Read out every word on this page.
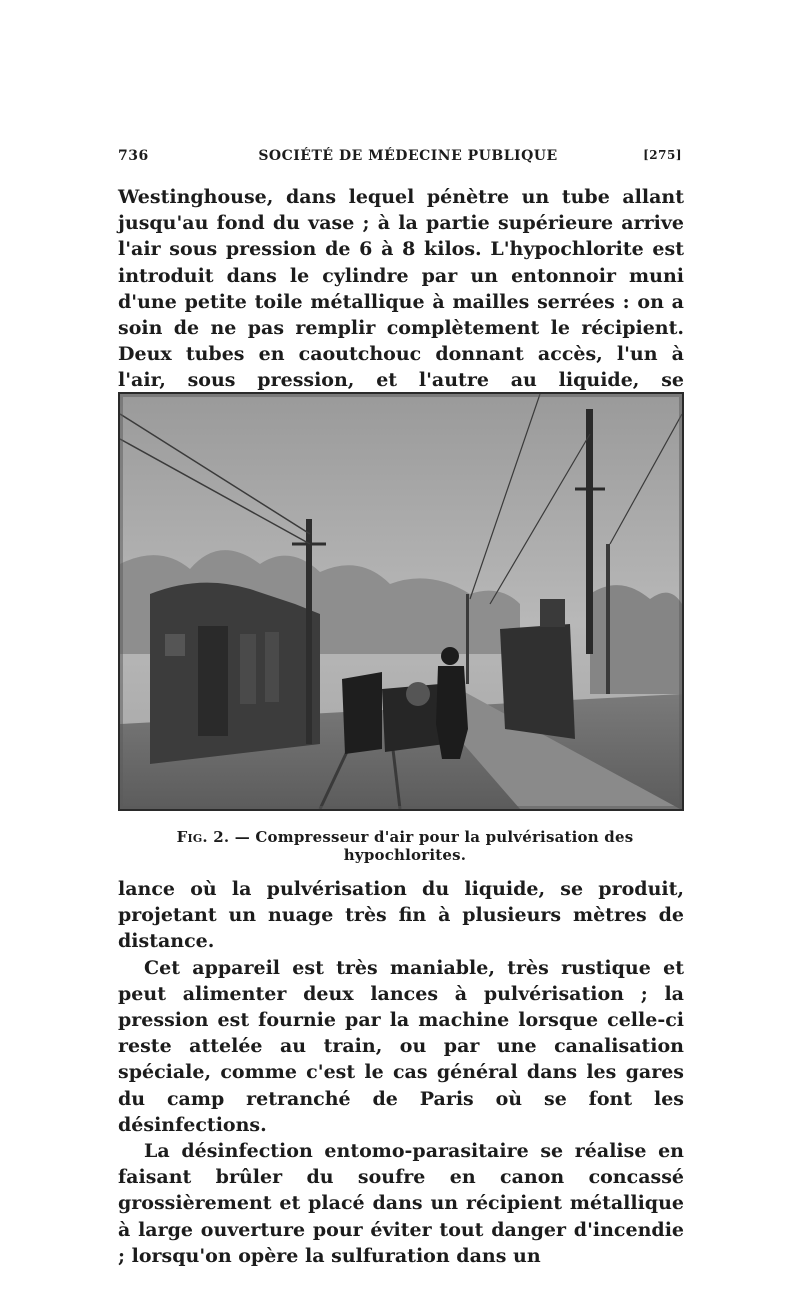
736	SOCIÉTÉ DE MÉDECINE PUBLIQUE	[275]

Westinghouse, dans lequel pénètre un tube allant jusqu'au fond du vase ; à la partie supérieure arrive l'air sous pression de 6 à 8 kilos. L'hypochlorite est introduit dans le cylindre par un entonnoir muni d'une petite toile métallique à mailles serrées : on a soin de ne pas remplir complètement le récipient. Deux tubes en caoutchouc donnant accès, l'un à l'air, sous pression, et l'autre au liquide, se

Fig. 2. — Compresseur d'air pour la pulvérisation des hypochlorites.

lance où la pulvérisation du liquide, se produit, projetant un nuage très fin à plusieurs mètres de distance.

Cet appareil est très maniable, très rustique et peut alimenter deux lances à pulvérisation ; la pression est fournie par la machine lorsque celle-ci reste attelée au train, ou par une canalisation spéciale, comme c'est le cas général dans les gares du camp retranché de Paris où se font les désinfections.

La désinfection entomo-parasitaire se réalise en faisant brûler du soufre en canon concassé grossièrement et placé dans un récipient métallique à large ouverture pour éviter tout danger d'incendie ; lorsqu'on opère la sulfuration dans un
